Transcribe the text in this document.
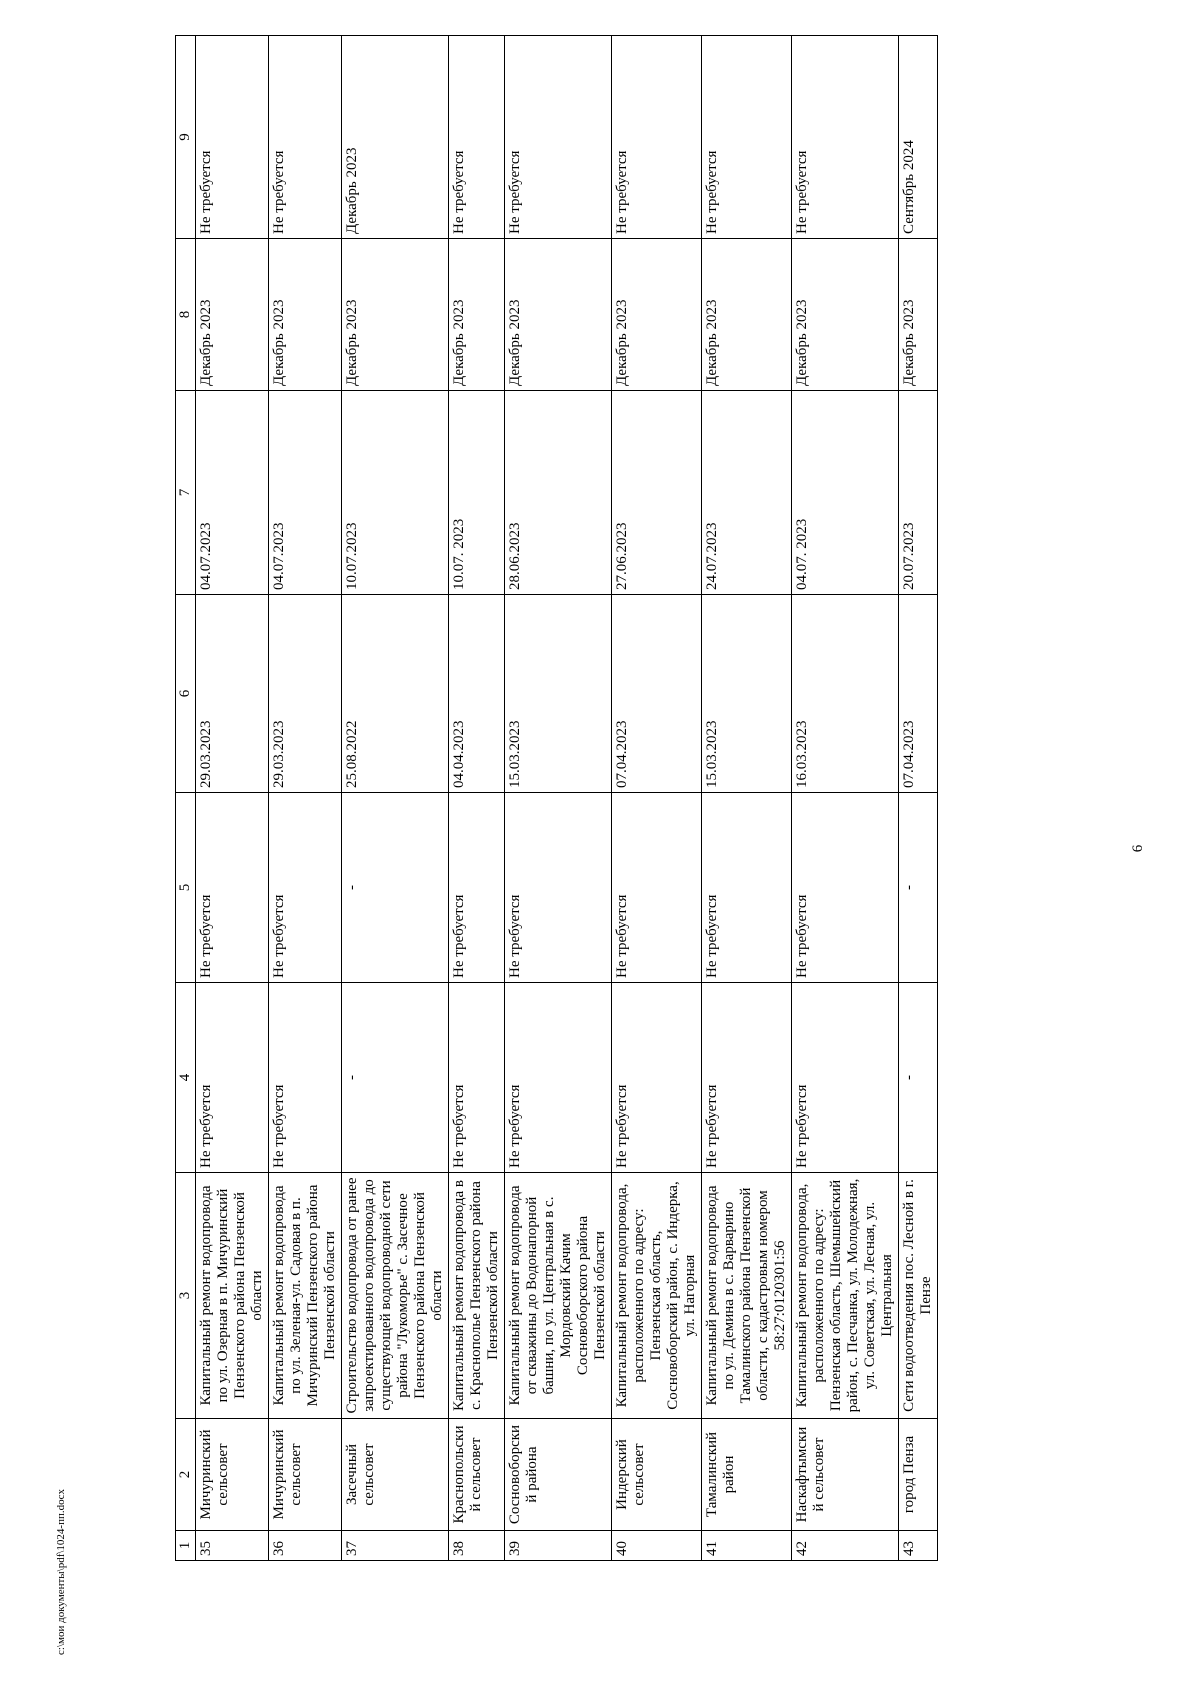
6
1	2	3	4	5	6	7	8	9
35	Мичуринский сельсовет	Капитальный ремонт водопровода по ул. Озерная в п. Мичуринский Пензенского района Пензенской области	Не требуется	Не требуется	29.03.2023	04.07.2023	Декабрь 2023	Не требуется
36	Мичуринский сельсовет	Капитальный ремонт водопровода по ул. Зеленая-ул. Садовая в п. Мичуринский Пензенского района Пензенской области	Не требуется	Не требуется	29.03.2023	04.07.2023	Декабрь 2023	Не требуется
37	Засечный сельсовет	Строительство водопровода от ранее запроектированного водопровода до существующей водопроводной сети района "Лукоморье" с. Засечное Пензенского района Пензенской области	-	-	25.08.2022	10.07.2023	Декабрь 2023	Декабрь 2023
38	Краснопольский сельсовет	Капитальный ремонт водопровода в с. Краснополье Пензенского района Пензенской области	Не требуется	Не требуется	04.04.2023	10.07. 2023	Декабрь 2023	Не требуется
39	Сосновоборский района	Капитальный ремонт водопровода от скважины до Водонапорной башни, по ул. Центральная в с. Мордовский Качим Сосновоборского района Пензенской области	Не требуется	Не требуется	15.03.2023	28.06.2023	Декабрь 2023	Не требуется
40	Индерский сельсовет	Капитальный ремонт водопровода, расположенного по адресу: Пензенская область, Сосновоборский район, с. Индерка, ул. Нагорная	Не требуется	Не требуется	07.04.2023	27.06.2023	Декабрь 2023	Не требуется
41	Тамалинский район	Капитальный ремонт водопровода по ул. Демина в с. Варварино Тамалинского района Пензенской области, с кадастровым номером 58:27:0120301:56	Не требуется	Не требуется	15.03.2023	24.07.2023	Декабрь 2023	Не требуется
42	Наскафтымский сельсовет	Капитальный ремонт водопровода, расположенного по адресу: Пензенская область, Шемышейский район, с. Песчанка, ул. Молодежная, ул. Советская, ул. Лесная, ул. Центральная	Не требуется	Не требуется	16.03.2023	04.07. 2023	Декабрь 2023	Не требуется
43	город Пенза	Сети водоотведения пос. Лесной в г. Пензе	-	-	07.04.2023	20.07.2023	Декабрь 2023	Сентябрь 2024
c:\мои документы\pdf\1024-пп.docx
